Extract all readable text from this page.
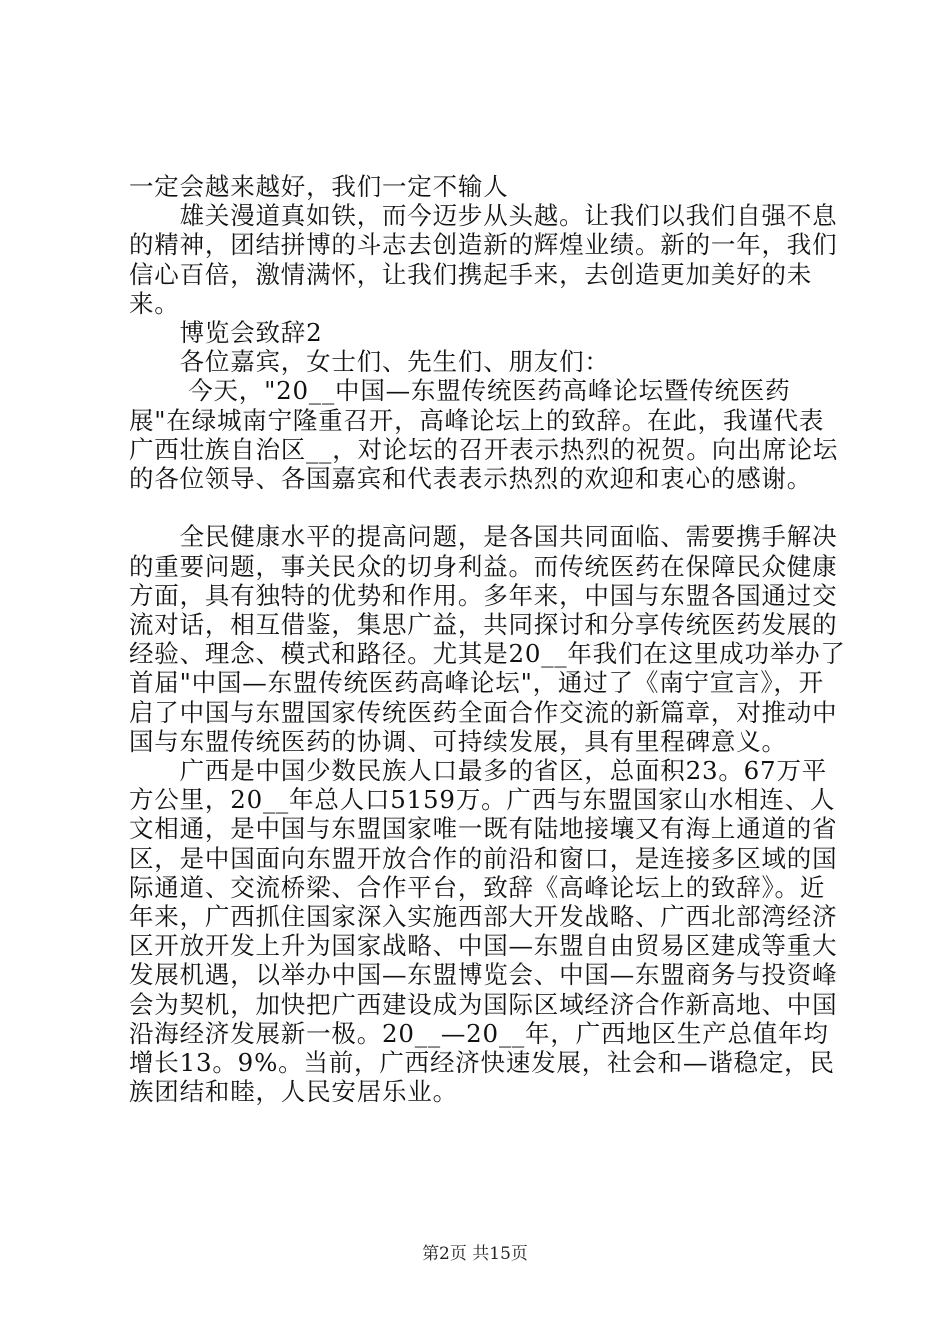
一定会越来越好，我们一定不输人

　　雄关漫道真如铁，而今迈步从头越。让我们以我们自强不息的精神，团结拼博的斗志去创造新的辉煌业绩。新的一年，我们信心百倍，激情满怀，让我们携起手来，去创造更加美好的未来。

　　博览会致辞2

　　各位嘉宾，女士们、先生们、朋友们：

　　 今天，"20__中国—东盟传统医药高峰论坛暨传统医药展"在绿城南宁隆重召开，高峰论坛上的致辞。在此，我谨代表广西壮族自治区__，对论坛的召开表示热烈的祝贺。向出席论坛的各位领导、各国嘉宾和代表表示热烈的欢迎和衷心的感谢。

　　全民健康水平的提高问题，是各国共同面临、需要携手解决的重要问题，事关民众的切身利益。而传统医药在保障民众健康方面，具有独特的优势和作用。多年来，中国与东盟各国通过交流对话，相互借鉴，集思广益，共同探讨和分享传统医药发展的经验、理念、模式和路径。尤其是20__年我们在这里成功举办了首届"中国—东盟传统医药高峰论坛"，通过了《南宁宣言》，开启了中国与东盟国家传统医药全面合作交流的新篇章，对推动中国与东盟传统医药的协调、可持续发展，具有里程碑意义。

　　广西是中国少数民族人口最多的省区，总面积23。67万平方公里，20__年总人口5159万。广西与东盟国家山水相连、人文相通，是中国与东盟国家唯一既有陆地接壤又有海上通道的省区，是中国面向东盟开放合作的前沿和窗口，是连接多区域的国际通道、交流桥梁、合作平台，致辞《高峰论坛上的致辞》。近年来，广西抓住国家深入实施西部大开发战略、广西北部湾经济区开放开发上升为国家战略、中国—东盟自由贸易区建成等重大发展机遇，以举办中国—东盟博览会、中国—东盟商务与投资峰会为契机，加快把广西建设成为国际区域经济合作新高地、中国沿海经济发展新一极。20__—20__年，广西地区生产总值年均增长13。9%。当前，广西经济快速发展，社会和—谐稳定，民族团结和睦，人民安居乐业。

第2页 共15页
